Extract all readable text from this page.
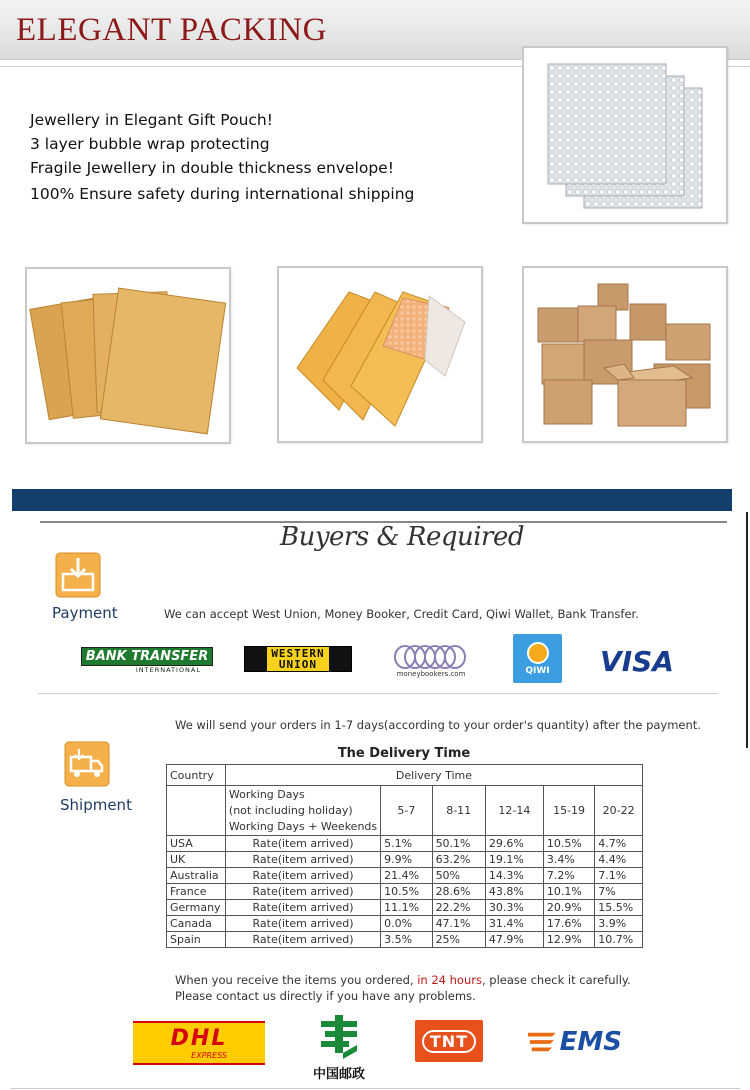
ELEGANT PACKING
Jewellery in Elegant Gift Pouch!
3 layer bubble wrap protecting
Fragile Jewellery in double thickness envelope!
100% Ensure safety during international shipping
Buyers & Required
Payment	We can accept West Union, Money Booker, Credit Card, Qiwi Wallet, Bank Transfer.
BANK TRANSFER
INTERNATIONAL
WESTERN
UNION
moneybookers.com	QIWI VISA
We will send your orders in 1-7 days(according to your order's quantity) after the payment.
Shipment
The Delivery Time
Country	Delivery Time					

	Working Days
(not including holiday)
Working Days + Weekends	5-7	8-11	12-14	15-19	20-22
USA	Rate(item arrived)	5.1%	50.1%	29.6%	10.5%	4.7%
UK	Rate(item arrived)	9.9%	63.2%	19.1%	3.4%	4.4%
Australia	Rate(item arrived)	21.4%	50%	14.3%	7.2%	7.1%
France	Rate(item arrived)	10.5%	28.6%	43.8%	10.1%	7%
Germany	Rate(item arrived)	11.1%	22.2%	30.3%	20.9%	15.5%
Canada	Rate(item arrived)	0.0%	47.1%	31.4%	17.6%	3.9%
Spain	Rate(item arrived)	3.5%	25%	47.9%	12.9%	10.7%
When you receive the items you ordered, in 24 hours, please check it carefully. Please contact us directly if you have any problems.
DHL
EXPRESS
中国邮政
TNT	EMS
